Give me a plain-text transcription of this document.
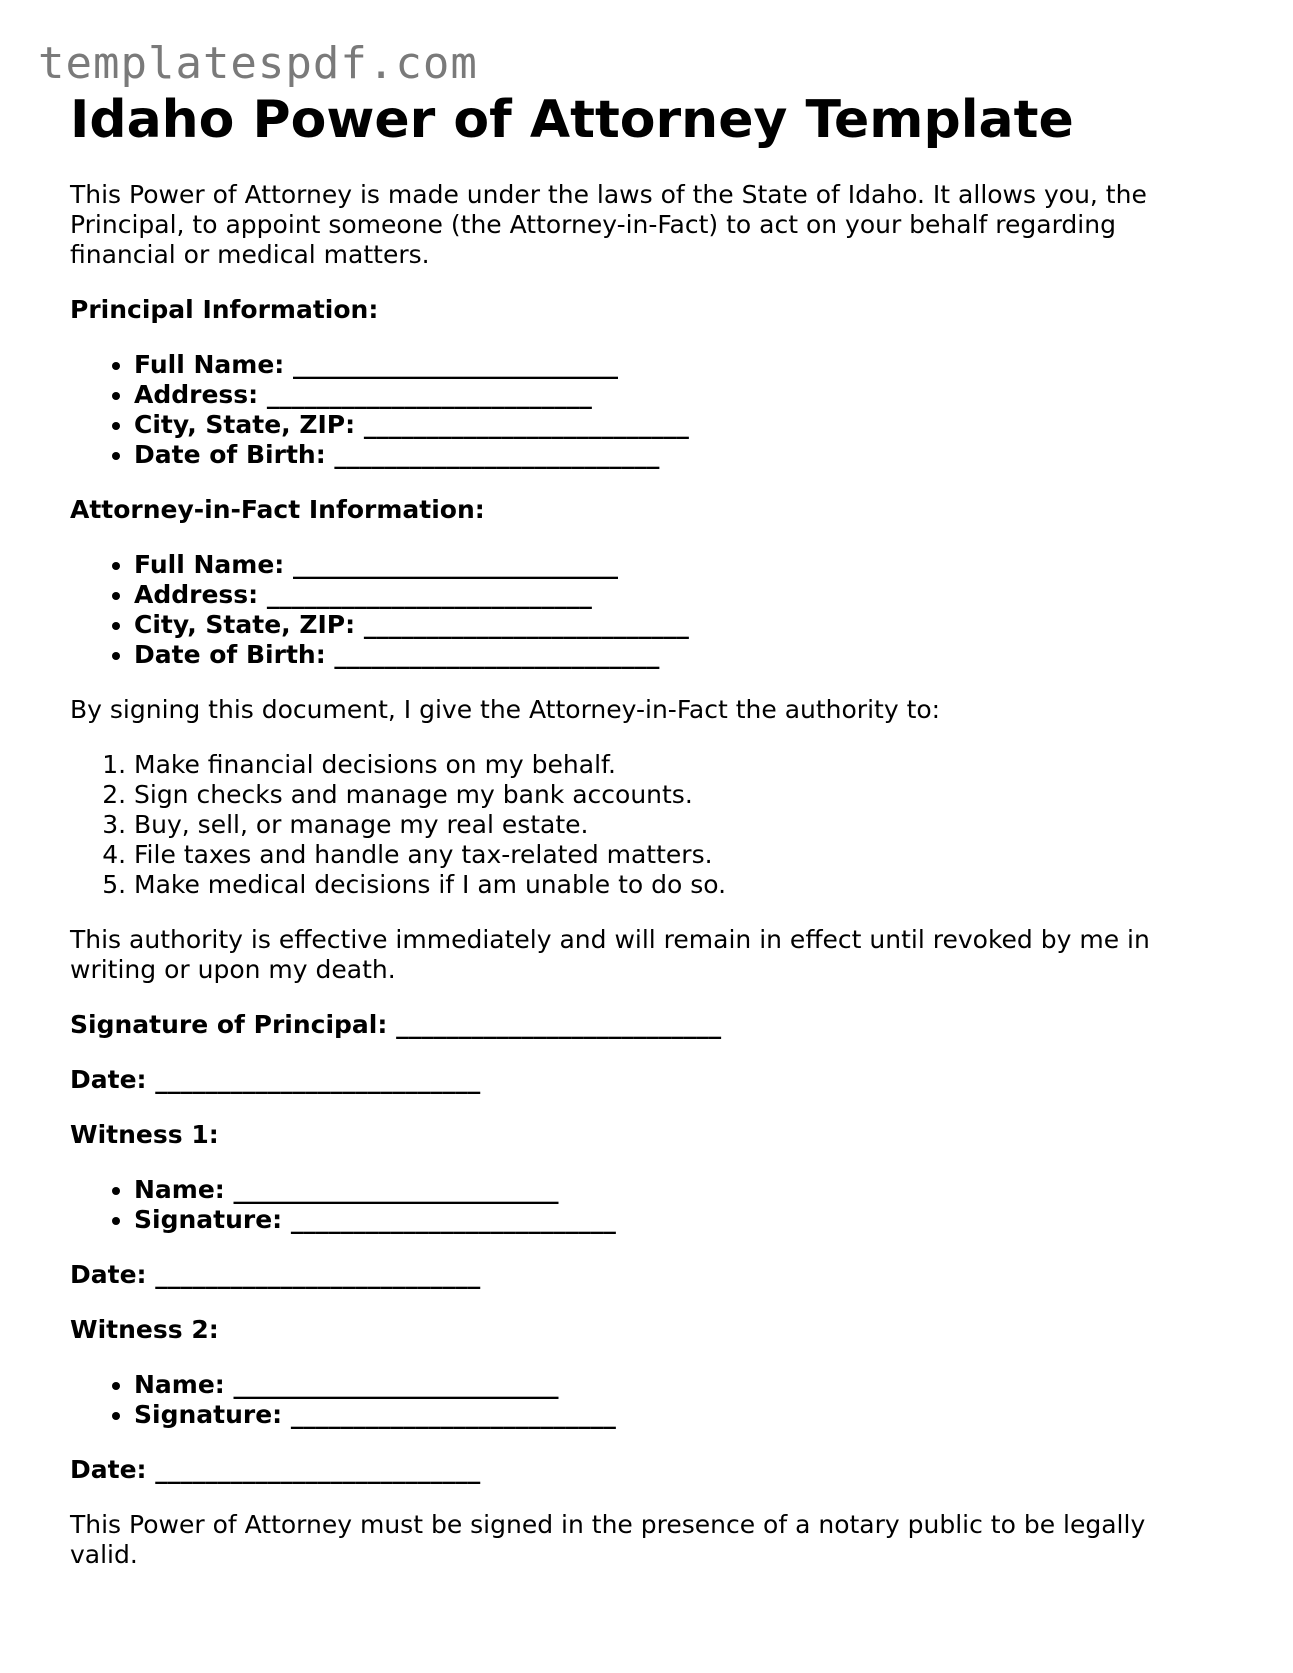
templatespdf.com
Idaho Power of Attorney Template

This Power of Attorney is made under the laws of the State of Idaho. It allows you, the Principal, to appoint someone (the Attorney-in-Fact) to act on your behalf regarding financial or medical matters.

Principal Information:

• Full Name: __________________________
• Address: __________________________
• City, State, ZIP: __________________________
• Date of Birth: __________________________

Attorney-in-Fact Information:

• Full Name: __________________________
• Address: __________________________
• City, State, ZIP: __________________________
• Date of Birth: __________________________

By signing this document, I give the Attorney-in-Fact the authority to:

1. Make financial decisions on my behalf.
2. Sign checks and manage my bank accounts.
3. Buy, sell, or manage my real estate.
4. File taxes and handle any tax-related matters.
5. Make medical decisions if I am unable to do so.

This authority is effective immediately and will remain in effect until revoked by me in writing or upon my death.

Signature of Principal: __________________________

Date: __________________________

Witness 1:

• Name: __________________________
• Signature: __________________________

Date: __________________________

Witness 2:

• Name: __________________________
• Signature: __________________________

Date: __________________________

This Power of Attorney must be signed in the presence of a notary public to be legally valid.
